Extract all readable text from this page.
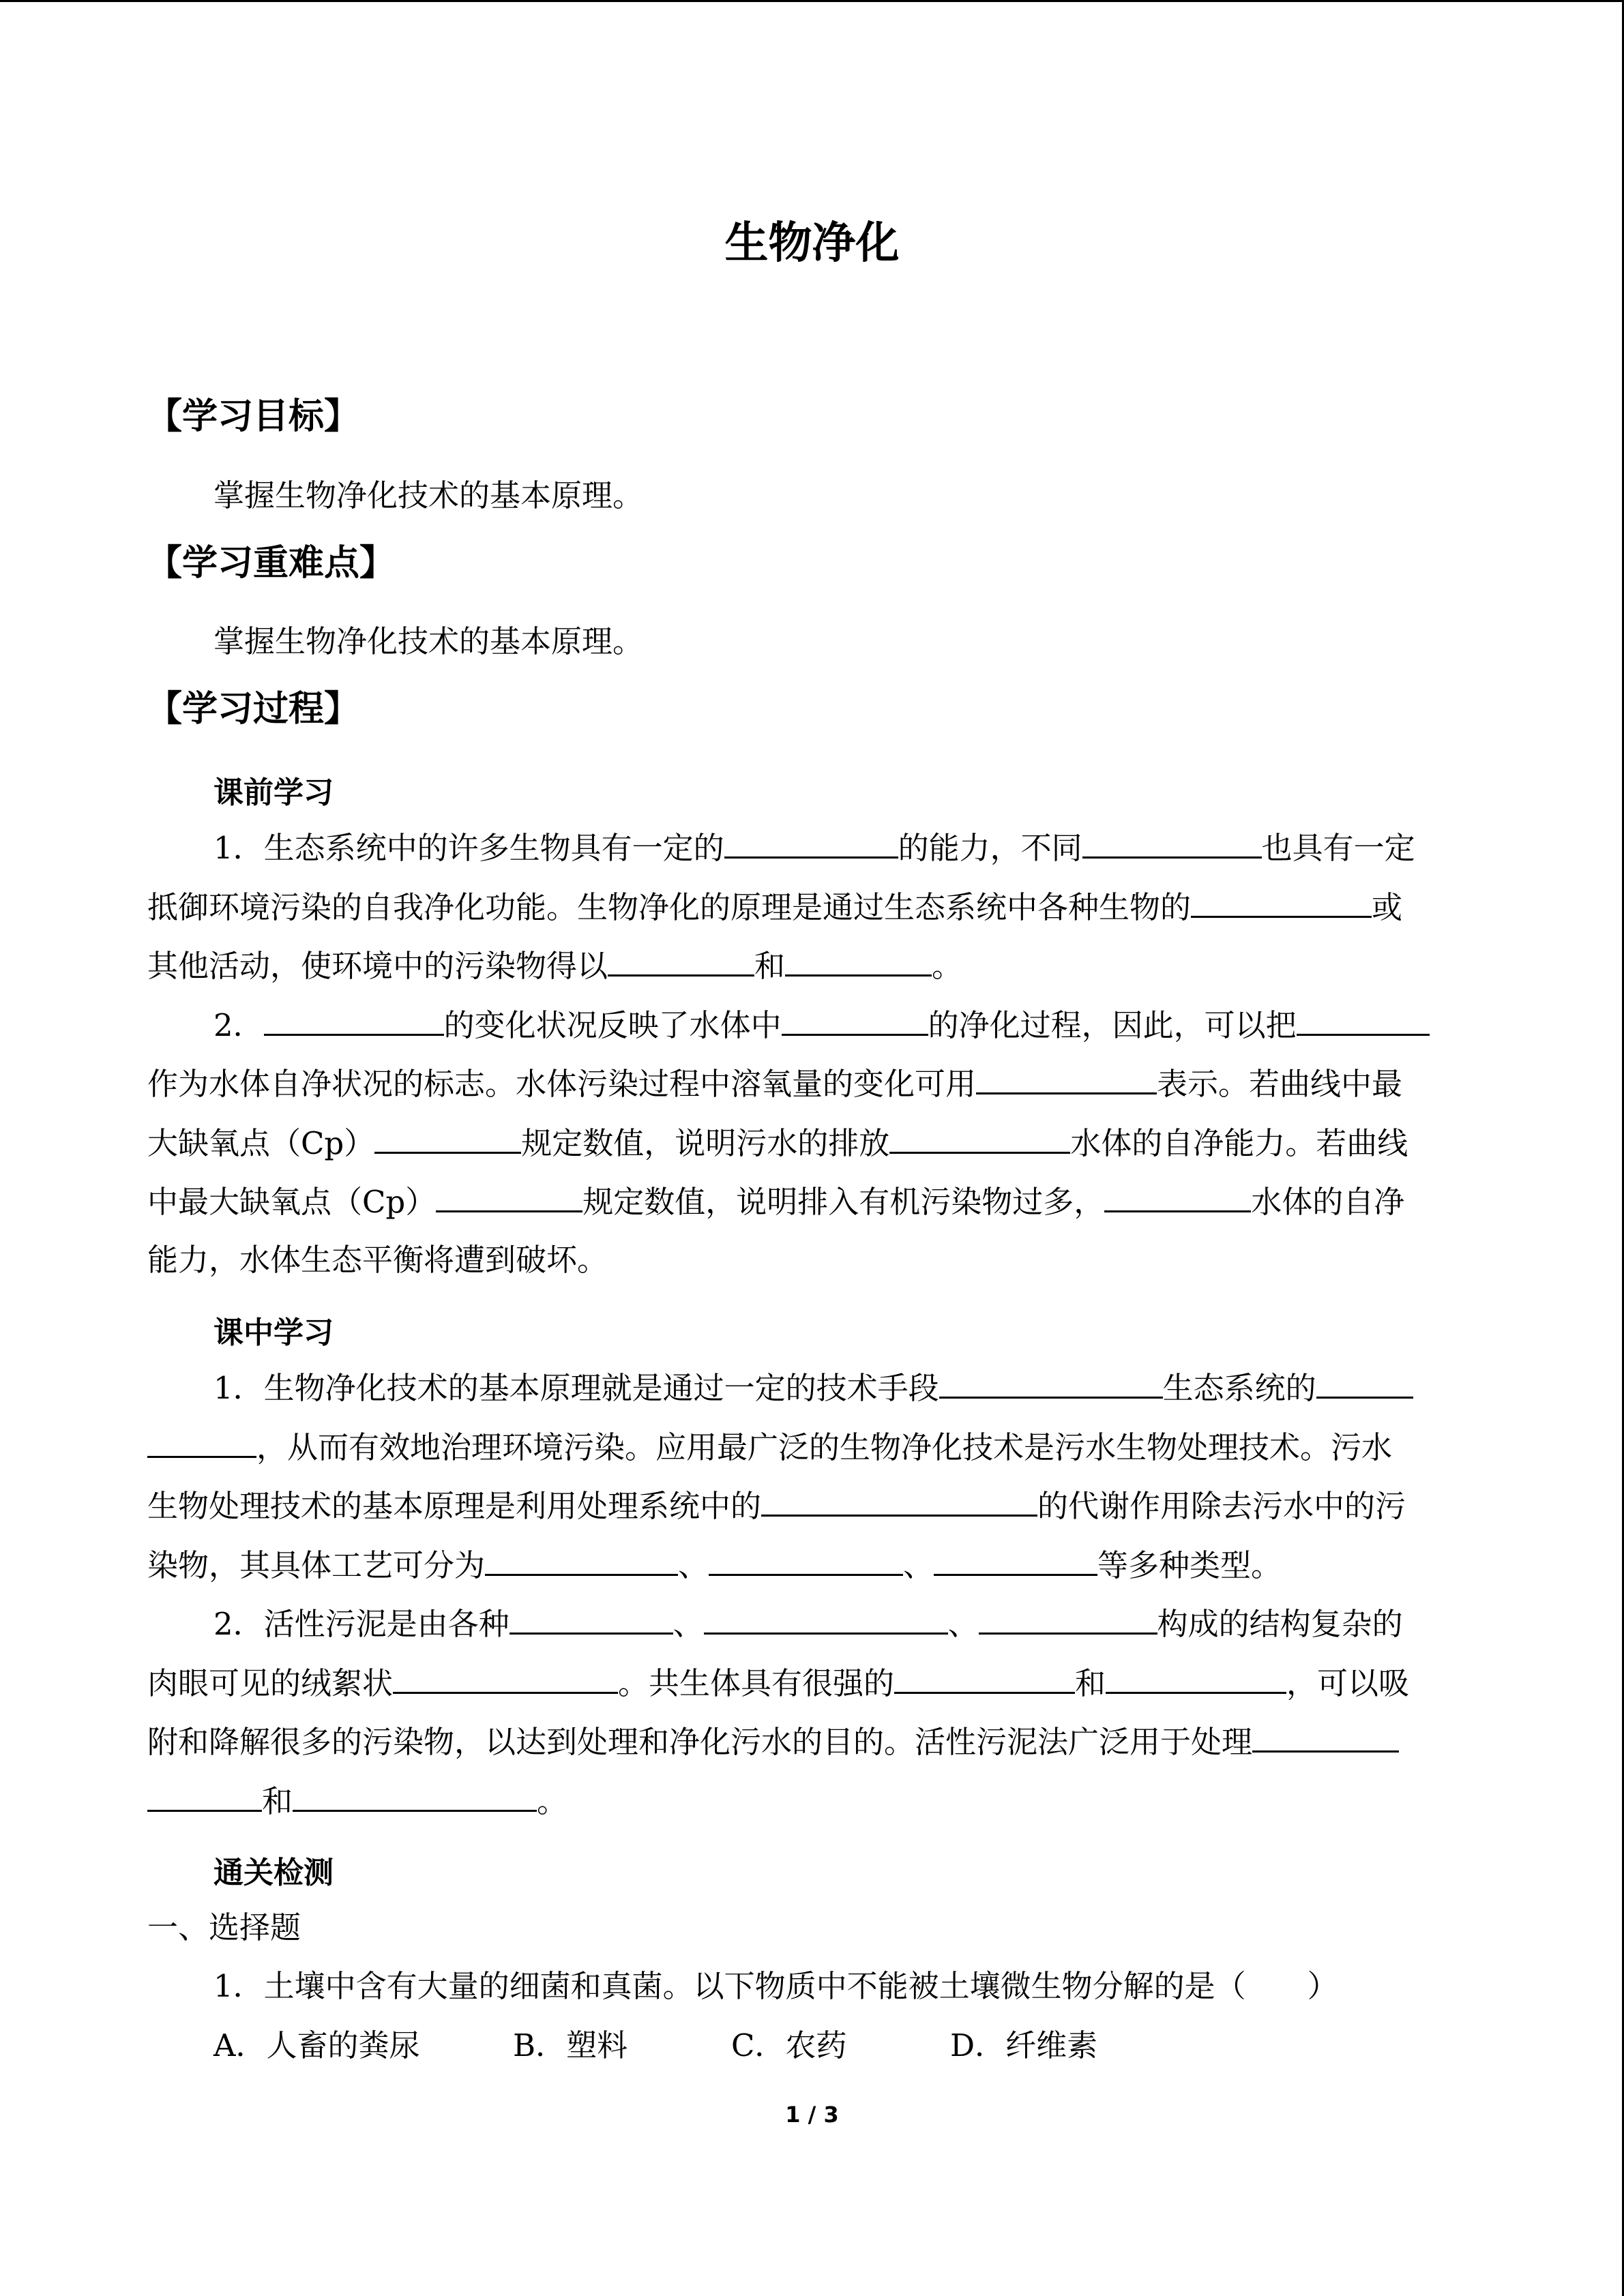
生物净化
【学习目标】
掌握生物净化技术的基本原理。
【学习重难点】
掌握生物净化技术的基本原理。
【学习过程】
课前学习
1．生态系统中的许多生物具有一定的	的能力，不同	也具有一定
抵御环境污染的自我净化功能。生物净化的原理是通过生态系统中各种生物的	或
其他活动，使环境中的污染物得以	和	。
2．	的变化状况反映了水体中	的净化过程，因此，可以把
作为水体自净状况的标志。水体污染过程中溶氧量的变化可用	表示。若曲线中最
大缺氧点（Cp）	规定数值，说明污水的排放	水体的自净能力。若曲线
中最大缺氧点（Cp）	规定数值，说明排入有机污染物过多，	水体的自净
能力，水体生态平衡将遭到破坏。
课中学习
1．生物净化技术的基本原理就是通过一定的技术手段	生态系统的
，从而有效地治理环境污染。应用最广泛的生物净化技术是污水生物处理技术。污水
生物处理技术的基本原理是利用处理系统中的	的代谢作用除去污水中的污
染物，其具体工艺可分为	、	、	等多种类型。
2．活性污泥是由各种	、	、	构成的结构复杂的
肉眼可见的绒絮状	。共生体具有很强的	和	，可以吸
附和降解很多的污染物，以达到处理和净化污水的目的。活性污泥法广泛用于处理
和	。
通关检测
一、选择题
1．土壤中含有大量的细菌和真菌。以下物质中不能被土壤微生物分解的是（　　）
A．人畜的粪尿	B．塑料	C．农药	D．纤维素
1 / 3
